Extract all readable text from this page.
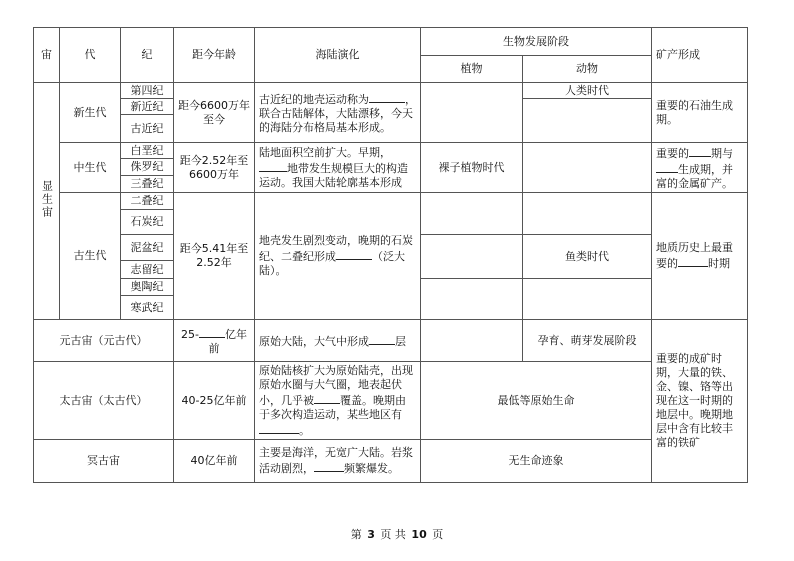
宙	代	纪	距今年龄	海陆演化	生物发展阶段		矿产形成
					植物	动物	
显生宙	新生代	第四纪	距今6600万年至今	古近纪的地壳运动称为 ，联合古陆解体，大陆漂移，今天的海陆分布格局基本形成。		人类时代	重要的石油生成期。
		新近纪					
		古近纪					
	中生代	白垩纪	距今2.52年至6600万年	陆地面积空前扩大。早期，地带发生规模巨大的构造运动。我国大陆轮廓基本形成	裸子植物时代		重要的 期与生成期，并富的金属矿产。
		侏罗纪					
		三叠纪					
	古生代	二叠纪	距今5.41年至2.52年	地壳发生剧烈变动，晚期的石炭纪、二叠纪形成 （泛大陆）。			地质历史上最重要的 时期
		石炭纪					
		泥盆纪				鱼类时代	
		志留纪					
		奥陶纪					
		寒武纪					
元古宙（元古代）			25- 亿年前	原始大陆，大气中形成 层		孕育、萌芽发展阶段	重要的成矿时期，大量的铁、金、镍、铬等出现在这一时期的地层中。晚期地层中含有比较丰富的铁矿
太古宙（太古代）			40-25亿年前	原始陆核扩大为原始陆壳，出现原始水圈与大气圈，地表起伏小，几乎被 覆盖。晚期由于多次构造运动，某些地区有。	最低等原始生命		
冥古宙			40亿年前	主要是海洋，无宽广大陆。岩浆活动剧烈， 频繁爆发。	无生命迹象		
第 3 页 共 10 页
